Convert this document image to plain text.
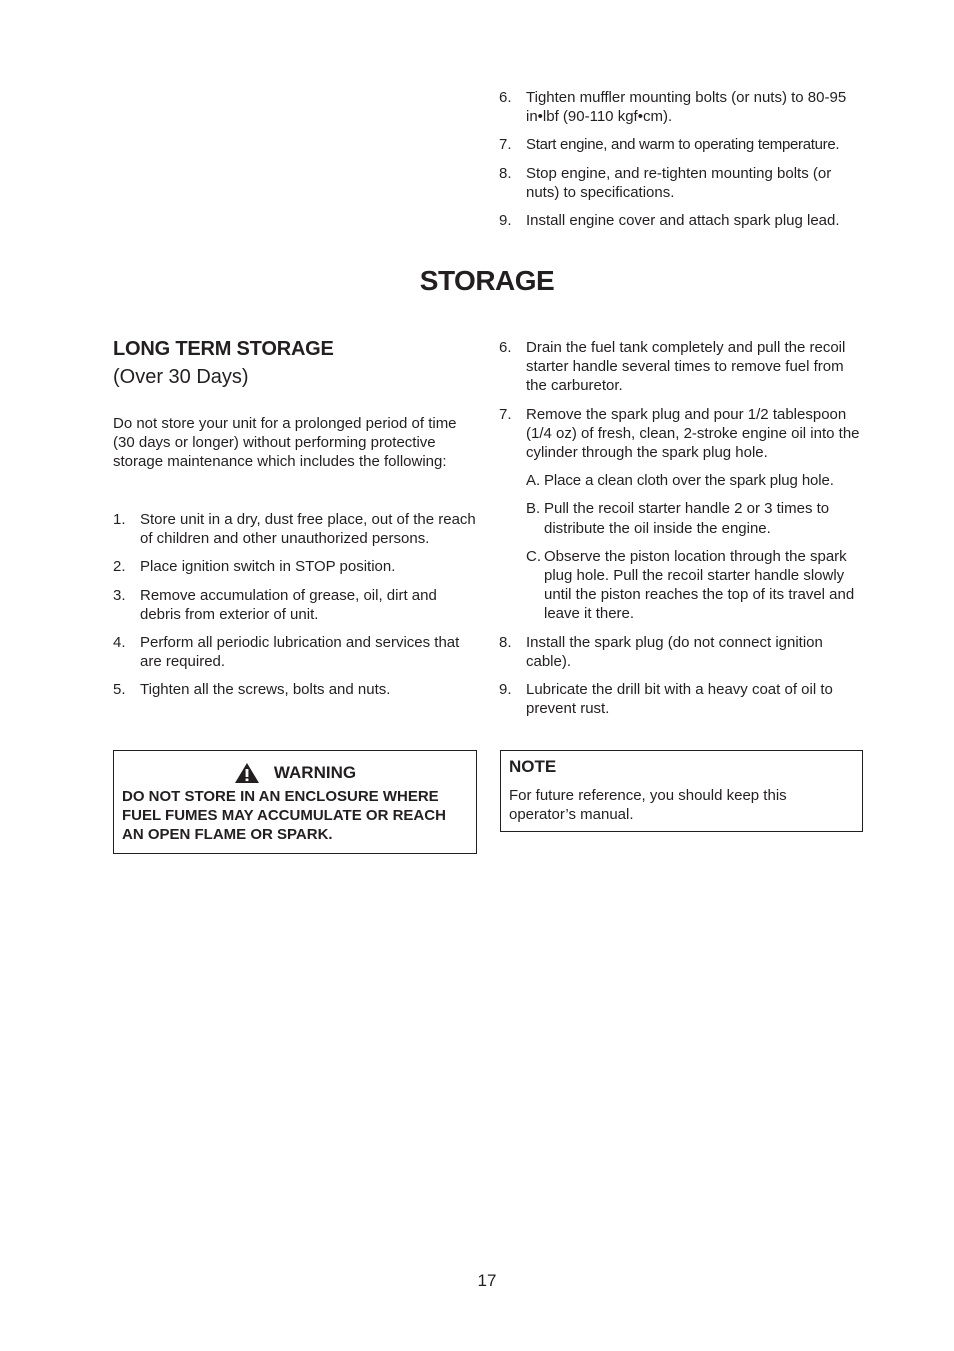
6. Tighten muffler mounting bolts (or nuts) to 80-95 in•lbf (90-110 kgf•cm).
7. Start engine, and warm to operating temperature.
8. Stop engine, and re-tighten mounting bolts (or nuts) to specifications.
9. Install engine cover and attach spark plug lead.
STORAGE
LONG TERM STORAGE
(Over 30 Days)

Do not store your unit for a prolonged period of time (30 days or longer) without performing protective storage maintenance which includes the following:

1. Store unit in a dry, dust free place, out of the reach of children and other unauthorized persons.
2. Place ignition switch in STOP position.
3. Remove accumulation of grease, oil, dirt and debris from exterior of unit.
4. Perform all periodic lubrication and services that are required.
5. Tighten all the screws, bolts and nuts.
6. Drain the fuel tank completely and pull the recoil starter handle several times to remove fuel from the carburetor.
7. Remove the spark plug and pour 1/2 tablespoon (1/4 oz) of fresh, clean, 2-stroke engine oil into the cylinder through the spark plug hole.
A. Place a clean cloth over the spark plug hole.
B. Pull the recoil starter handle 2 or 3 times to distribute the oil inside the engine.
C. Observe the piston location through the spark plug hole. Pull the recoil starter handle slowly until the piston reaches the top of its travel and leave it there.
8. Install the spark plug (do not connect ignition cable).
9. Lubricate the drill bit with a heavy coat of oil to prevent rust.
WARNING
DO NOT STORE IN AN ENCLOSURE WHERE FUEL FUMES MAY ACCUMULATE OR REACH AN OPEN FLAME OR SPARK.
NOTE
For future reference, you should keep this operator’s manual.
17
